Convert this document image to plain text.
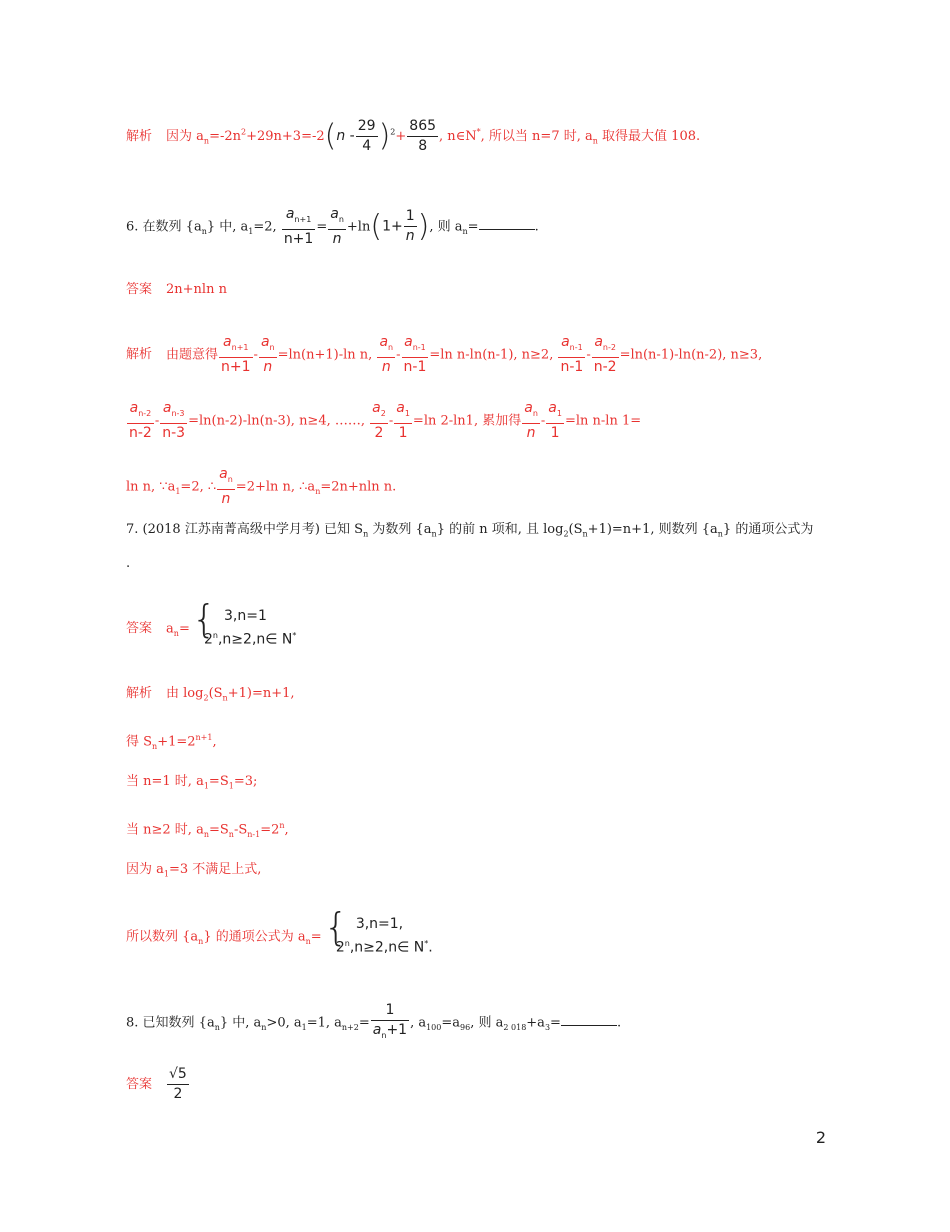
解析 因为 $a_n=-2n^2+29n+3=-2(n - \frac{29}{4} )^2+ \frac{865}{8}$ , n∈N*, 所以当 n=7 时, $a_n$ 取得最大值 108.
6. 在数列 $\{a_n\}$ 中, $a_1=2$, $\frac{a_{n+1}}{n+1} = \frac{a_n}{n} +\ln(1+ \frac{1}{n}$ ), 则 $a_n=$	.
答案 2n+nln n
解析 由题意得 $\frac{a_{n+1}}{n+1} - \frac{a_n}{n} =\ln(n+1)-\ln$ n, $\frac{a_n}{n} - \frac{a_{n-1}}{n-1} =\ln$ n-ln(n-1), n≥2, $\frac{a_{n-1}}{n-1} - \frac{a_{n-2}}{n-2} =\ln(n-1)-\ln(n-2)$, n≥3,
$\frac{a_{n-2}}{n-2} - \frac{a_{n-3}}{n-3} =\ln(n-2)-\ln(n-3)$, n≥4, ……, $\frac{a_2}{2} - \frac{a_1}{1} =\ln$ 2-ln1, 累加得 $\frac{a_n}{n} - \frac{a_1}{1} =\ln$ n-ln 1=
ln n, $\because a_1=2$, ∴ $\frac{a_n}{n} =2+\ln$ n, $\therefore a_n=2n+nln$ n.
7. (2018 江苏南菁高级中学月考) 已知 $S_n$ 为数列 $\{a_n\}$ 的前 n 项和, 且 $\log_2(S_n+1)=n+1$, 则数列 $\{a_n\}$ 的通项公式为
.
答案 $a_n=$
{ 3,n=1
$2^n,n\ge 2,n\in$ N*
解析 由 $\log_2(S_n+1)=n+1$,
得 $S_n+1=2^{n+1}$,
当 n=1 时, $a_1=S_1=3$;
当 n≥2 时, $a_n=S_n-S_{n-1}=2^n$,
因为 $a_1=3$ 不满足上式,
所以数列 $\{a_n\}$ 的通项公式为 $a_n=$
{ 3,n=1,
$2^n,n\ge 2,n\in$ N*.
8. 已知数列 $\{a_n\}$ 中, $a_n>0$, $a_1=1$, $a_{n+2}= \frac{1}{a_n+1}$ , $a_{100}=a_{96}$, 则 $a_{2 018}+a_3=$	.
答案 $\frac{√5}{2}$
2
